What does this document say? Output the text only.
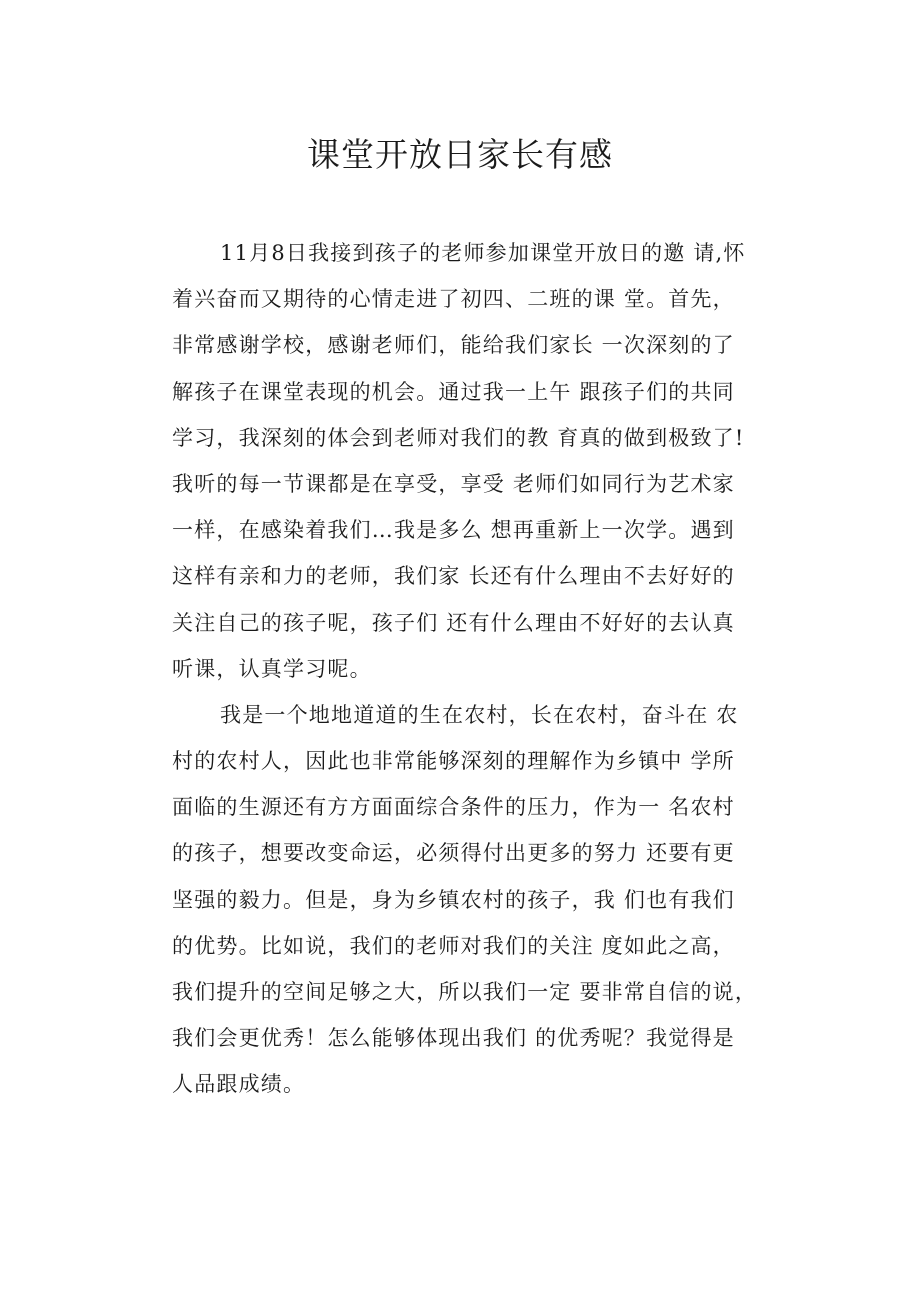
课堂开放日家长有感
11月8日我接到孩子的老师参加课堂开放日的邀 请,怀
着兴奋而又期待的心情走进了初四、二班的课 堂。首先，
非常感谢学校，感谢老师们，能给我们家长 一次深刻的了
解孩子在课堂表现的机会。通过我一上午 跟孩子们的共同
学习，我深刻的体会到老师对我们的教 育真的做到极致了!
我听的每一节课都是在享受，享受 老师们如同行为艺术家
一样，在感染着我们…我是多么 想再重新上一次学。遇到
这样有亲和力的老师，我们家 长还有什么理由不去好好的
关注自己的孩子呢，孩子们 还有什么理由不好好的去认真
听课，认真学习呢。
我是一个地地道道的生在农村，长在农村，奋斗在 农
村的农村人，因此也非常能够深刻的理解作为乡镇中 学所
面临的生源还有方方面面综合条件的压力，作为一 名农村
的孩子，想要改变命运，必须得付出更多的努力 还要有更
坚强的毅力。但是，身为乡镇农村的孩子，我 们也有我们
的优势。比如说，我们的老师对我们的关注 度如此之高，
我们提升的空间足够之大，所以我们一定 要非常自信的说，
我们会更优秀！怎么能够体现出我们 的优秀呢？我觉得是
人品跟成绩。
